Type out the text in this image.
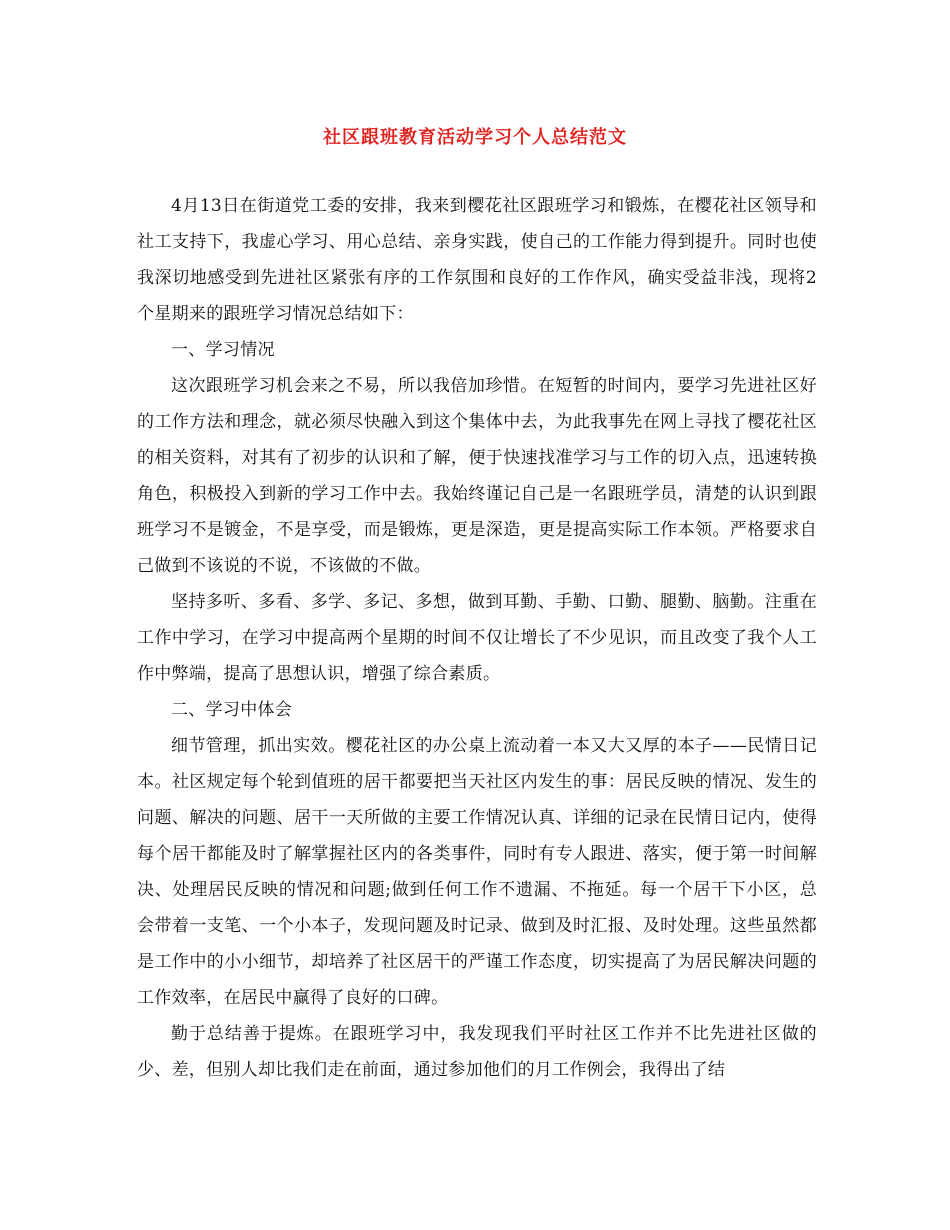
社区跟班教育活动学习个人总结范文

4月13日在街道党工委的安排，我来到樱花社区跟班学习和锻炼，在樱花社区领导和社工支持下，我虚心学习、用心总结、亲身实践，使自己的工作能力得到提升。同时也使我深切地感受到先进社区紧张有序的工作氛围和良好的工作作风，确实受益非浅，现将2个星期来的跟班学习情况总结如下：

一、学习情况

这次跟班学习机会来之不易，所以我倍加珍惜。在短暂的时间内，要学习先进社区好的工作方法和理念，就必须尽快融入到这个集体中去，为此我事先在网上寻找了樱花社区的相关资料，对其有了初步的认识和了解，便于快速找准学习与工作的切入点，迅速转换角色，积极投入到新的学习工作中去。我始终谨记自己是一名跟班学员，清楚的认识到跟班学习不是镀金，不是享受，而是锻炼，更是深造，更是提高实际工作本领。严格要求自己做到不该说的不说，不该做的不做。

坚持多听、多看、多学、多记、多想，做到耳勤、手勤、口勤、腿勤、脑勤。注重在工作中学习，在学习中提高两个星期的时间不仅让增长了不少见识，而且改变了我个人工作中弊端，提高了思想认识，增强了综合素质。

二、学习中体会

细节管理，抓出实效。樱花社区的办公桌上流动着一本又大又厚的本子——民情日记本。社区规定每个轮到值班的居干都要把当天社区内发生的事：居民反映的情况、发生的问题、解决的问题、居干一天所做的主要工作情况认真、详细的记录在民情日记内，使得每个居干都能及时了解掌握社区内的各类事件，同时有专人跟进、落实，便于第一时间解决、处理居民反映的情况和问题;做到任何工作不遗漏、不拖延。每一个居干下小区，总会带着一支笔、一个小本子，发现问题及时记录、做到及时汇报、及时处理。这些虽然都是工作中的小小细节，却培养了社区居干的严谨工作态度，切实提高了为居民解决问题的工作效率，在居民中赢得了良好的口碑。

勤于总结善于提炼。在跟班学习中，我发现我们平时社区工作并不比先进社区做的少、差，但别人却比我们走在前面，通过参加他们的月工作例会，我得出了结
